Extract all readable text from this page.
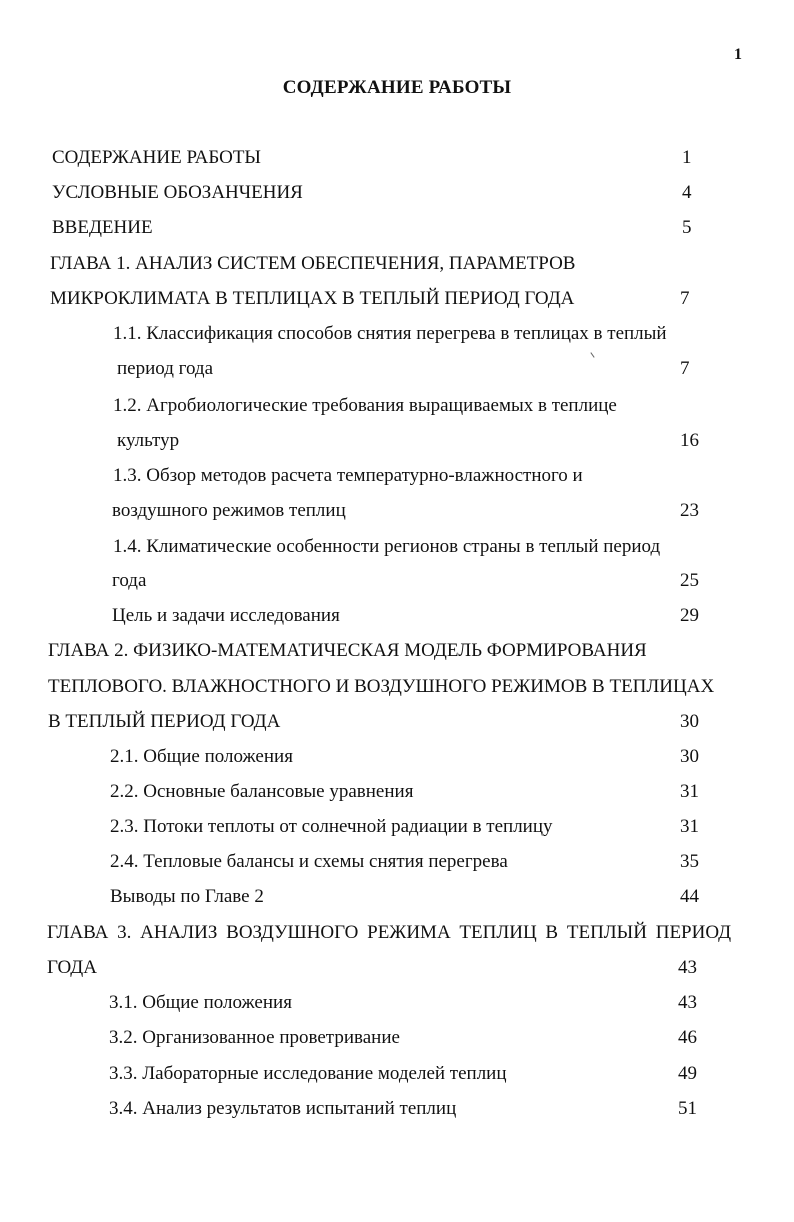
1
СОДЕРЖАНИЕ РАБОТЫ
СОДЕРЖАНИЕ РАБОТЫ	1
УСЛОВНЫЕ ОБОЗАНЧЕНИЯ	4
ВВЕДЕНИЕ	5
ГЛАВА 1. АНАЛИЗ СИСТЕМ ОБЕСПЕЧЕНИЯ, ПАРАМЕТРОВ
МИКРОКЛИМАТА В ТЕПЛИЦАХ В ТЕПЛЫЙ ПЕРИОД ГОДА	7
1.1. Классификация способов снятия перегрева в теплицах в теплый
период года	7
1.2. Агробиологические требования выращиваемых в теплице
культур	16
1.3. Обзор методов расчета температурно-влажностного и
воздушного режимов теплиц	23
1.4. Климатические особенности регионов страны в теплый период
года	25
Цель и задачи исследования	29
ГЛАВА 2. ФИЗИКО-МАТЕМАТИЧЕСКАЯ МОДЕЛЬ ФОРМИРОВАНИЯ
ТЕПЛОВОГО. ВЛАЖНОСТНОГО И ВОЗДУШНОГО РЕЖИМОВ В ТЕПЛИЦАХ
В ТЕПЛЫЙ ПЕРИОД ГОДА	30
2.1. Общие положения	30
2.2. Основные балансовые уравнения	31
2.3. Потоки теплоты от солнечной радиации в теплицу	31
2.4. Тепловые балансы и схемы снятия перегрева	35
Выводы по Главе 2	44
ГЛАВА 3. АНАЛИЗ ВОЗДУШНОГО РЕЖИМА ТЕПЛИЦ В ТЕПЛЫЙ ПЕРИОД
ГОДА	43
3.1. Общие положения	43
3.2. Организованное проветривание	46
3.3. Лабораторные исследование моделей теплиц	49
3.4. Анализ результатов испытаний теплиц	51
